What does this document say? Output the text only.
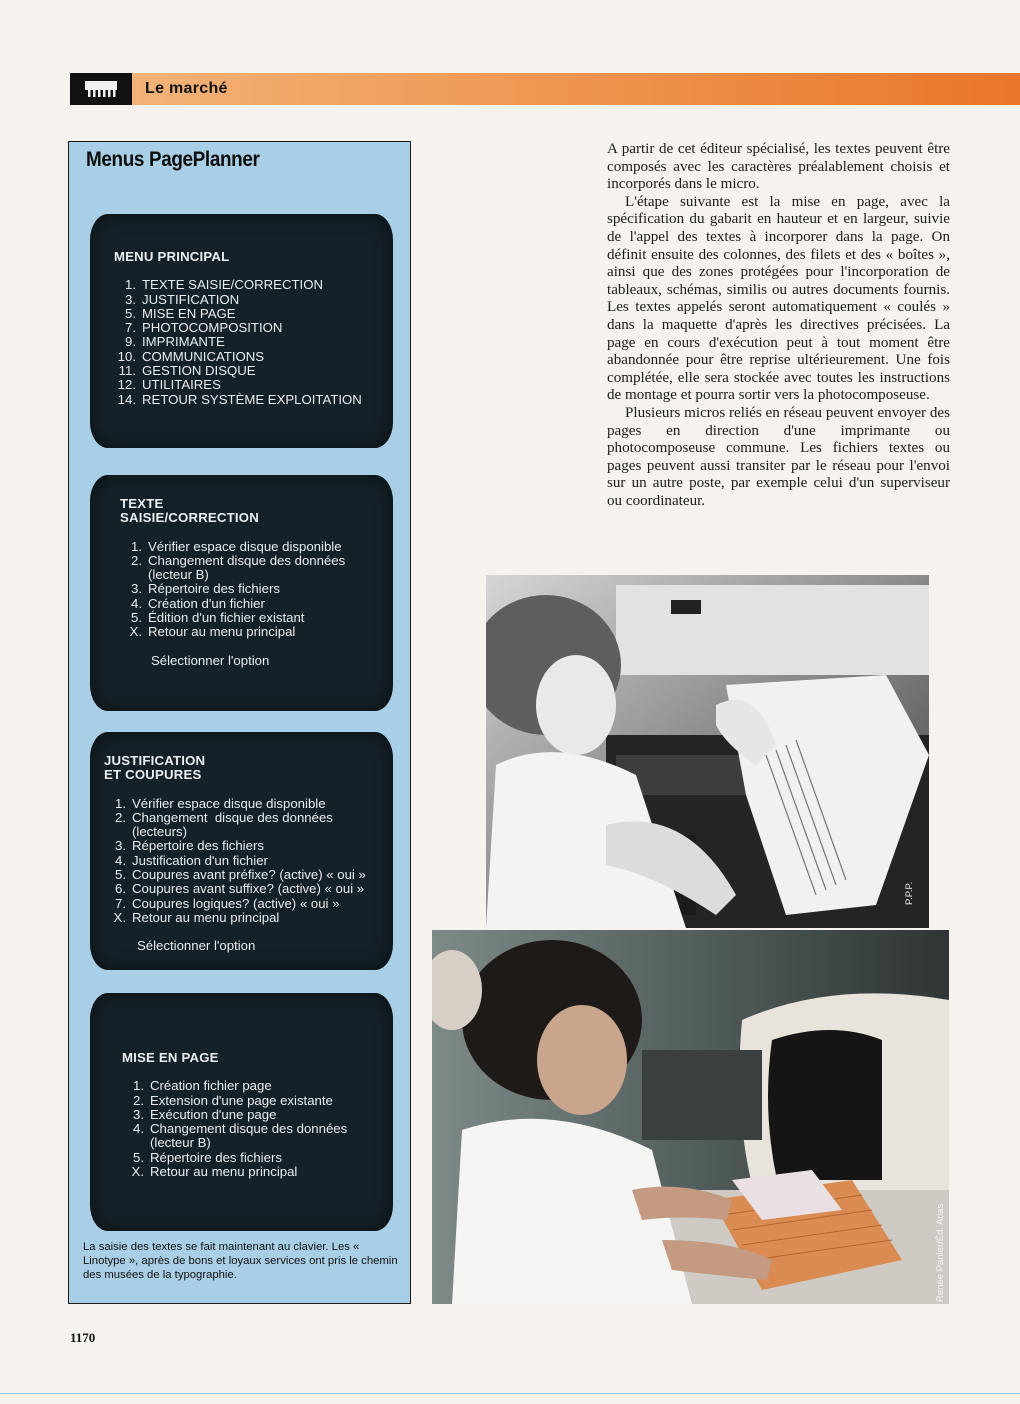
Le marché
Menus PagePlanner
MENU PRINCIPAL
1. TEXTE SAISIE/CORRECTION
3. JUSTIFICATION
5. MISE EN PAGE
7. PHOTOCOMPOSITION
9. IMPRIMANTE
10. COMMUNICATIONS
11. GESTION DISQUE
12. UTILITAIRES
14. RETOUR SYSTÈME EXPLOITATION
TEXTE
SAISIE/CORRECTION
1. Vérifier espace disque disponible
2. Changement disque des données
(lecteur B)
3. Répertoire des fichiers
4. Création d'un fichier
5. Édition d'un fichier existant
X. Retour au menu principal
Sélectionner l'option
JUSTIFICATION
ET COUPURES
1. Vérifier espace disque disponible
2. Changement  disque des données
(lecteurs)
3. Répertoire des fichiers
4. Justification d'un fichier
5. Coupures avant préfixe? (active) « oui »
6. Coupures avant suffixe? (active) « oui »
7. Coupures logiques? (active) « oui »
X. Retour au menu principal
Sélectionner l'option
MISE EN PAGE
1. Création fichier page
2. Extension d'une page existante
3. Exécution d'une page
4. Changement disque des données
(lecteur B)
5. Répertoire des fichiers
X. Retour au menu principal
La saisie des textes se fait maintenant au clavier. Les « Linotype », après de bons et loyaux services ont pris le chemin des musées de la typographie.

A partir de cet éditeur spécialisé, les textes peuvent être composés avec les caractères préalablement choisis et incorporés dans le micro.

L'étape suivante est la mise en page, avec la spécification du gabarit en hauteur et en largeur, suivie de l'appel des textes à incorporer dans la page. On définit ensuite des colonnes, des filets et des « boîtes », ainsi que des zones protégées pour l'incorporation de tableaux, schémas, similis ou autres documents fournis. Les textes appelés seront automatiquement « coulés » dans la maquette d'après les directives précisées. La page en cours d'exécution peut à tout moment être abandonnée pour être reprise ultérieurement. Une fois complétée, elle sera stockée avec toutes les instructions de montage et pourra sortir vers la photocomposeuse.

Plusieurs micros reliés en réseau peuvent envoyer des pages en direction d'une imprimante ou photocomposeuse commune. Les fichiers textes ou pages peuvent aussi transiter par le réseau pour l'envoi sur un autre poste, par exemple celui d'un superviseur ou coordinateur.

P.P.P.
Renée Panier/Éd. Atlas
1170
